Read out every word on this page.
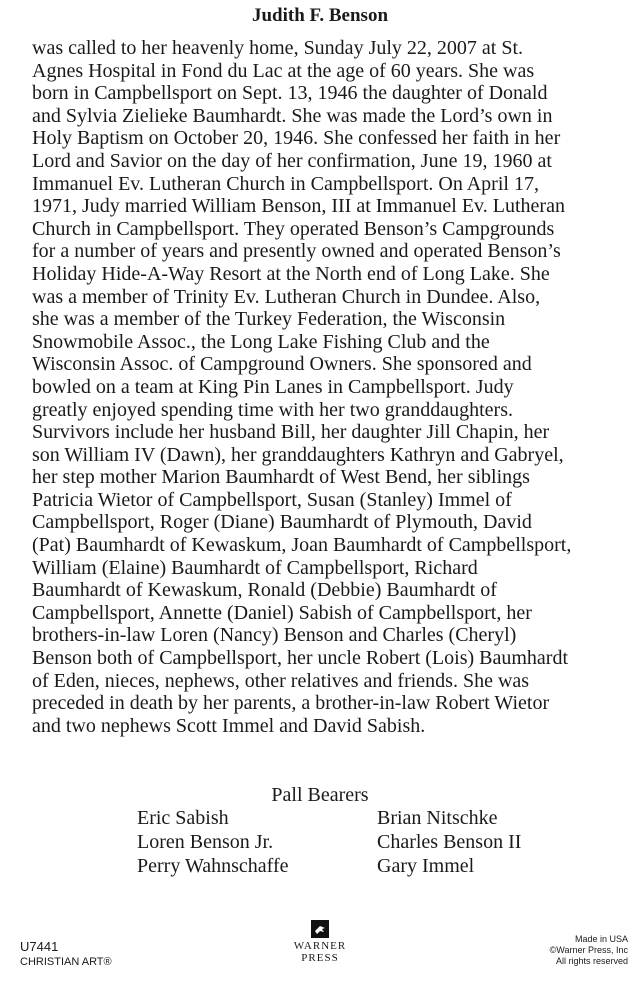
Judith F. Benson
was called to her heavenly home, Sunday July 22, 2007 at St.
Agnes Hospital in Fond du Lac at the age of 60 years. She was
born in Campbellsport on Sept. 13, 1946 the daughter of Donald
and Sylvia Zielieke Baumhardt. She was made the Lord’s own in
Holy Baptism on October 20, 1946. She confessed her faith in her
Lord and Savior on the day of her confirmation, June 19, 1960 at
Immanuel Ev. Lutheran Church in Campbellsport. On April 17,
1971, Judy married William Benson, III at Immanuel Ev. Lutheran
Church in Campbellsport. They operated Benson’s Campgrounds
for a number of years and presently owned and operated Benson’s
Holiday Hide-A-Way Resort at the North end of Long Lake. She
was a member of Trinity Ev. Lutheran Church in Dundee. Also,
she was a member of the Turkey Federation, the Wisconsin
Snowmobile Assoc., the Long Lake Fishing Club and the
Wisconsin Assoc. of Campground Owners. She sponsored and
bowled on a team at King Pin Lanes in Campbellsport. Judy
greatly enjoyed spending time with her two granddaughters.
Survivors include her husband Bill, her daughter Jill Chapin, her
son William IV (Dawn), her granddaughters Kathryn and Gabryel,
her step mother Marion Baumhardt of West Bend, her siblings
Patricia Wietor of Campbellsport, Susan (Stanley) Immel of
Campbellsport, Roger (Diane) Baumhardt of Plymouth, David
(Pat) Baumhardt of Kewaskum, Joan Baumhardt of Campbellsport,
William (Elaine) Baumhardt of Campbellsport, Richard
Baumhardt of Kewaskum, Ronald (Debbie) Baumhardt of
Campbellsport, Annette (Daniel) Sabish of Campbellsport, her
brothers-in-law Loren (Nancy) Benson and Charles (Cheryl)
Benson both of Campbellsport, her uncle Robert (Lois) Baumhardt
of Eden, nieces, nephews, other relatives and friends. She was
preceded in death by her parents, a brother-in-law Robert Wietor
and two nephews Scott Immel and David Sabish.
Pall Bearers
Eric Sabish
Loren Benson Jr.
Perry Wahnschaffe
Brian Nitschke
Charles Benson II
Gary Immel
U7441
CHRISTIAN ART®
WARNER
PRESS
Made in USA
©Warner Press, Inc
All rights reserved
